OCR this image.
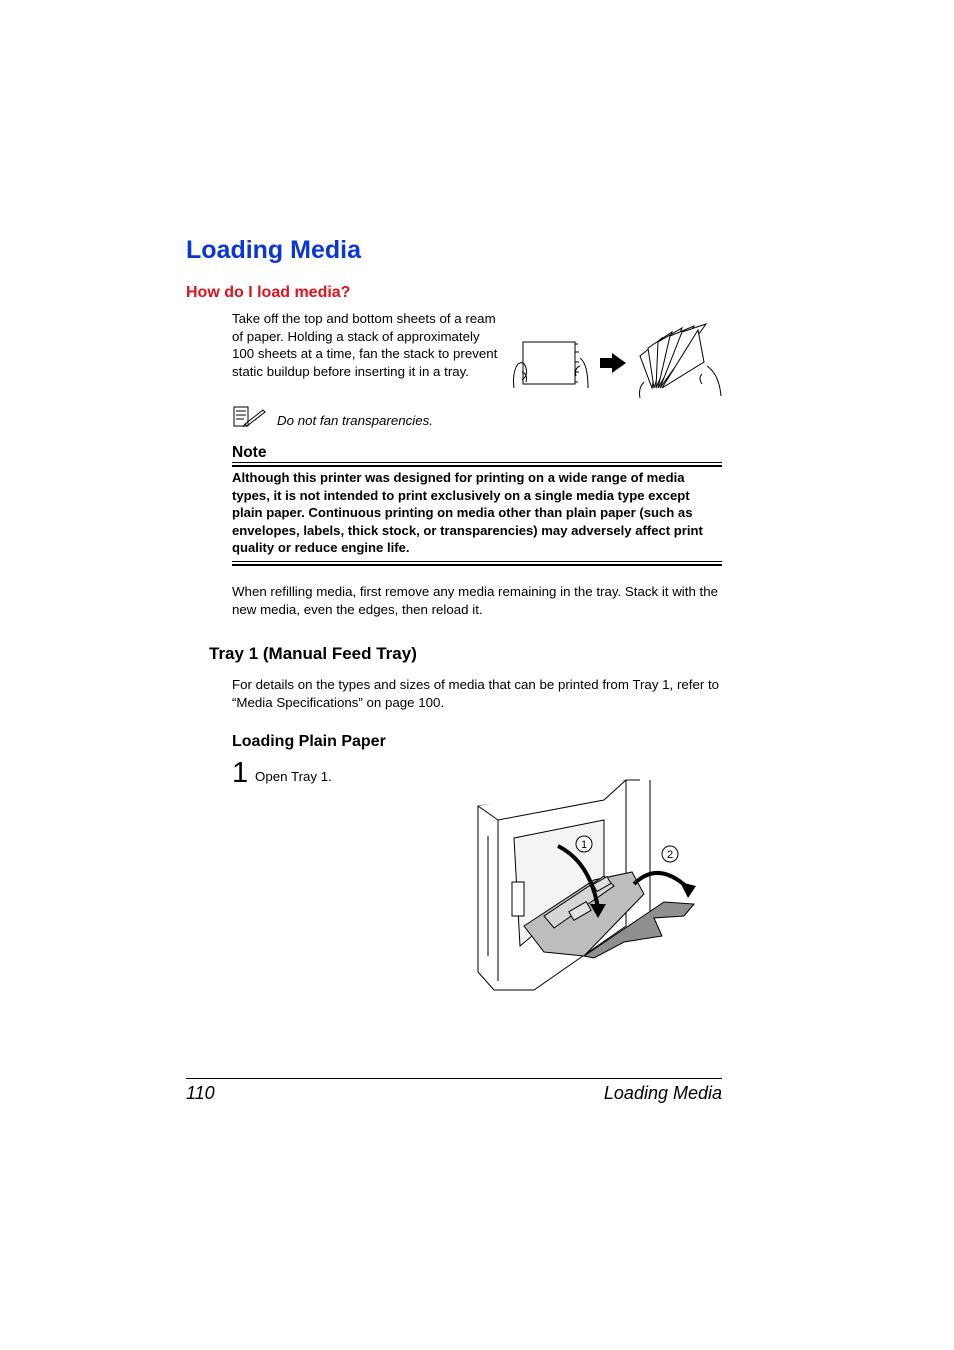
Loading Media
How do I load media?
Take off the top and bottom sheets of a ream of paper. Holding a stack of approximately 100 sheets at a time, fan the stack to prevent static buildup before inserting it in a tray.
Do not fan transparencies.
Note
Although this printer was designed for printing on a wide range of media types, it is not intended to print exclusively on a single media type except plain paper. Continuous printing on media other than plain paper (such as envelopes, labels, thick stock, or transparencies) may adversely affect print quality or reduce engine life.
When refilling media, first remove any media remaining in the tray. Stack it with the new media, even the edges, then reload it.
Tray 1 (Manual Feed Tray)
For details on the types and sizes of media that can be printed from Tray 1, refer to “Media Specifications” on page 100.
Loading Plain Paper
1 Open Tray 1.
1
2
110	Loading Media
